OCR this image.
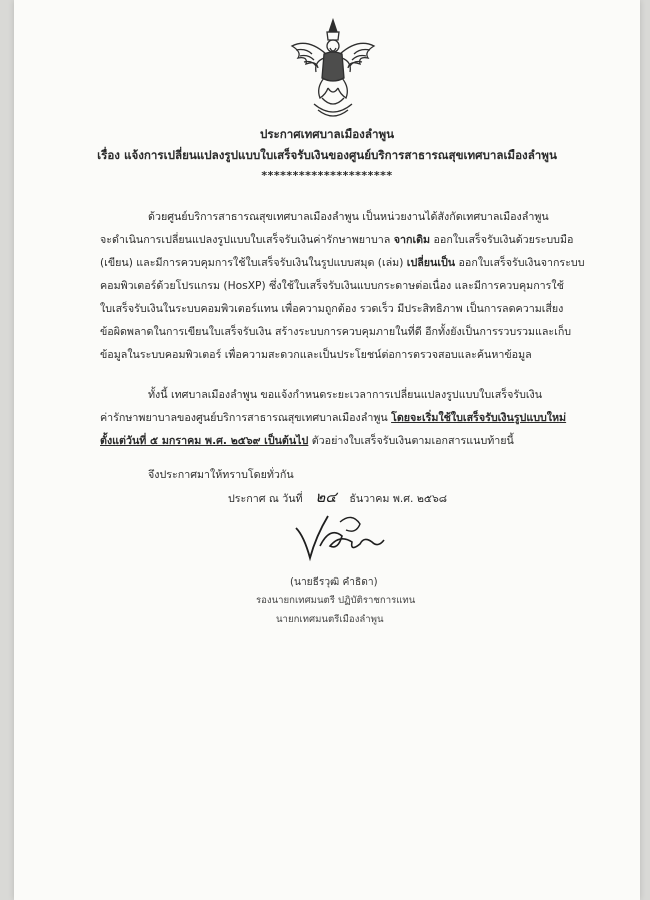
ประกาศเทศบาลเมืองลำพูน
เรื่อง แจ้งการเปลี่ยนแปลงรูปแบบใบเสร็จรับเงินของศูนย์บริการสาธารณสุขเทศบาลเมืองลำพูน
*********************
ด้วยศูนย์บริการสาธารณสุขเทศบาลเมืองลำพูน เป็นหน่วยงานได้สังกัดเทศบาลเมืองลำพูน
จะดำเนินการเปลี่ยนแปลงรูปแบบใบเสร็จรับเงินค่ารักษาพยาบาล จากเดิม ออกใบเสร็จรับเงินด้วยระบบมือ
(เขียน) และมีการควบคุมการใช้ใบเสร็จรับเงินในรูปแบบสมุด (เล่ม) เปลี่ยนเป็น ออกใบเสร็จรับเงินจากระบบ
คอมพิวเตอร์ด้วยโปรแกรม (HosXP) ซึ่งใช้ใบเสร็จรับเงินแบบกระดาษต่อเนื่อง และมีการควบคุมการใช้
ใบเสร็จรับเงินในระบบคอมพิวเตอร์แทน เพื่อความถูกต้อง รวดเร็ว มีประสิทธิภาพ เป็นการลดความเสี่ยง
ข้อผิดพลาดในการเขียนใบเสร็จรับเงิน สร้างระบบการควบคุมภายในที่ดี อีกทั้งยังเป็นการรวบรวมและเก็บ
ข้อมูลในระบบคอมพิวเตอร์ เพื่อความสะดวกและเป็นประโยชน์ต่อการตรวจสอบและค้นหาข้อมูล
ทั้งนี้ เทศบาลเมืองลำพูน ขอแจ้งกำหนดระยะเวลาการเปลี่ยนแปลงรูปแบบใบเสร็จรับเงิน
ค่ารักษาพยาบาลของศูนย์บริการสาธารณสุขเทศบาลเมืองลำพูน โดยจะเริ่มใช้ใบเสร็จรับเงินรูปแบบใหม่
ตั้งแต่วันที่ ๕ มกราคม พ.ศ. ๒๕๖๙ เป็นต้นไป ตัวอย่างใบเสร็จรับเงินตามเอกสารแนบท้ายนี้
จึงประกาศมาให้ทราบโดยทั่วกัน
ประกาศ ณ วันที่ ๒๔ ธันวาคม พ.ศ. ๒๕๖๘
(นายธีรวุฒิ คำธิดา)
รองนายกเทศมนตรี ปฏิบัติราชการแทน
นายกเทศมนตรีเมืองลำพูน
